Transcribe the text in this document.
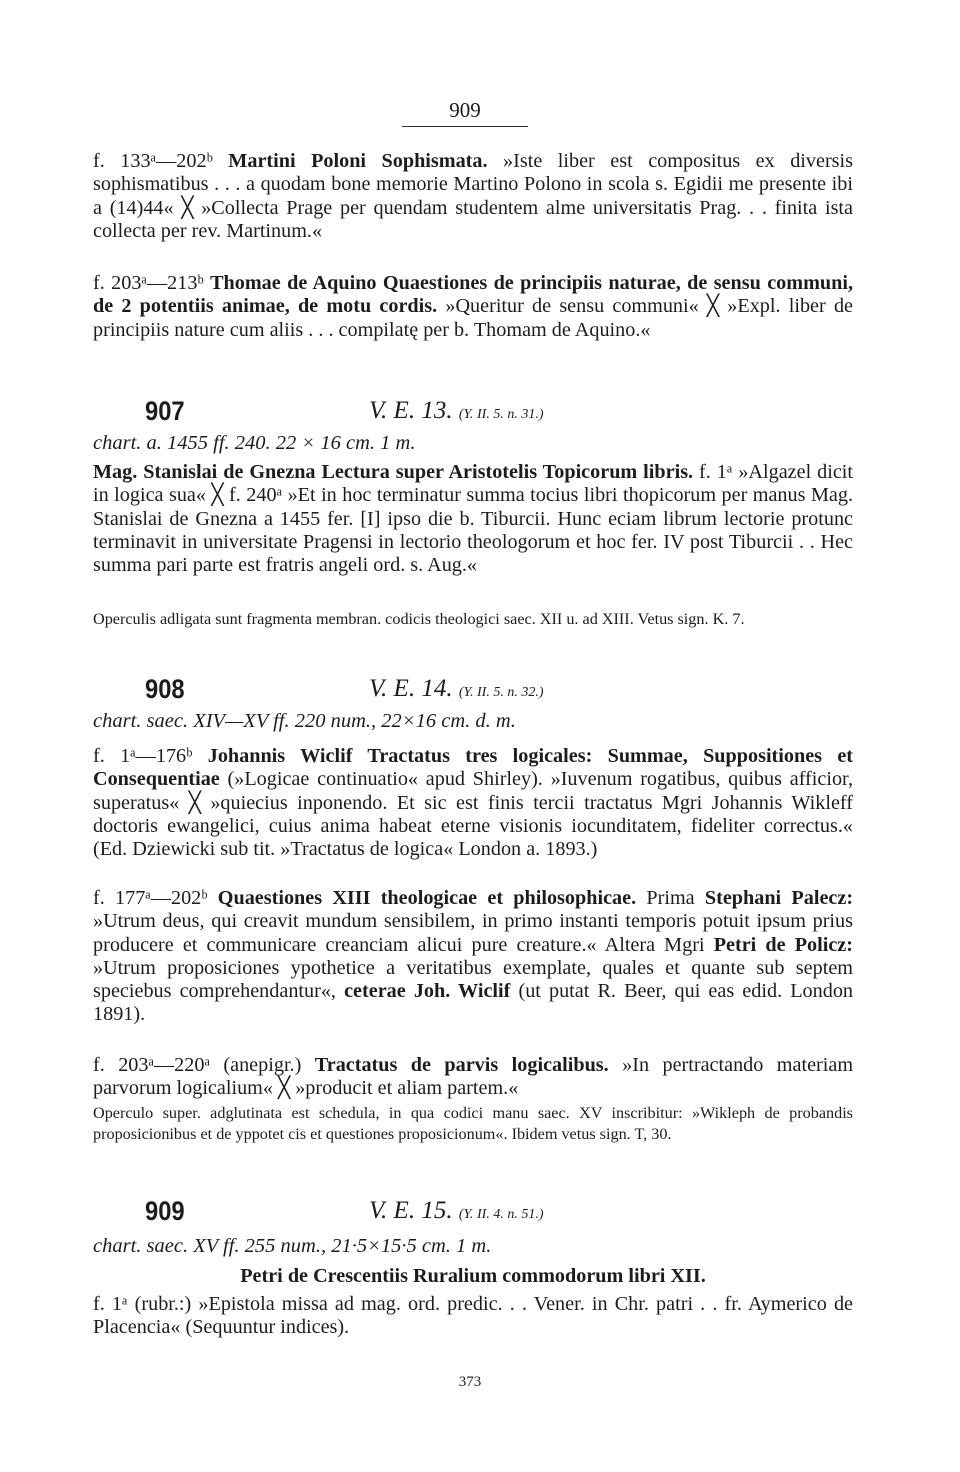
909
f. 133ᵃ—202ᵇ Martini Poloni Sophismata. »Iste liber est compositus ex diversis sophismatibus . . . a quodam bone memorie Martino Polono in scola s. Egidii me presente ibi a (14)44« ╳ »Collecta Prage per quendam studentem alme universitatis Prag. . . finita ista collecta per rev. Martinum.«
f. 203ᵃ—213ᵇ Thomae de Aquino Quaestiones de principiis naturae, de sensu communi, de 2 potentiis animae, de motu cordis. »Queritur de sensu communi« ╳ »Expl. liber de principiis nature cum aliis . . . compilatę per b. Thomam de Aquino.«
907	V. E. 13. (Y. II. 5. n. 31.)
chart. a. 1455 ff. 240. 22 × 16 cm. 1 m.
Mag. Stanislai de Gnezna Lectura super Aristotelis Topicorum libris. f. 1ᵃ »Algazel dicit in logica sua« ╳ f. 240ᵃ »Et in hoc terminatur summa tocius libri thopicorum per manus Mag. Stanislai de Gnezna a 1455 fer. [I] ipso die b. Tiburcii. Hunc eciam librum lectorie protunc terminavit in universitate Pragensi in lectorio theologorum et hoc fer. IV post Tiburcii . . Hec summa pari parte est fratris angeli ord. s. Aug.«
Operculis adligata sunt fragmenta membran. codicis theologici saec. XII u. ad XIII. Vetus sign. K. 7.
908	V. E. 14. (Y. II. 5. n. 32.)
chart. saec. XIV—XV ff. 220 num., 22×16 cm. d. m.
f. 1ᵃ—176ᵇ Johannis Wiclif Tractatus tres logicales: Summae, Suppositiones et Consequentiae (»Logicae continuatio« apud Shirley). »Iuvenum rogatibus, quibus afficior, superatus« ╳ »quiecius inponendo. Et sic est finis tercii tractatus Mgri Johannis Wikleff doctoris ewangelici, cuius anima habeat eterne visionis iocunditatem, fideliter correctus.« (Ed. Dziewicki sub tit. »Tractatus de logica« London a. 1893.)
f. 177ᵃ—202ᵇ Quaestiones XIII theologicae et philosophicae. Prima Stephani Palecz: »Utrum deus, qui creavit mundum sensibilem, in primo instanti temporis potuit ipsum prius producere et communicare creanciam alicui pure creature.« Altera Mgri Petri de Policz: »Utrum proposiciones ypothetice a veritatibus exemplate, quales et quante sub septem speciebus comprehendantur«, ceterae Joh. Wiclif (ut putat R. Beer, qui eas edid. London 1891).
f. 203ᵃ—220ᵃ (anepigr.) Tractatus de parvis logicalibus. »In pertractando materiam parvorum logicalium« ╳ »producit et aliam partem.«
Operculo super. adglutinata est schedula, in qua codici manu saec. XV inscribitur: »Wikleph de probandis proposicionibus et de yppotet cis et questiones proposicionum«. Ibidem vetus sign. T, 30.
909	V. E. 15. (Y. II. 4. n. 51.)
chart. saec. XV ff. 255 num., 21·5×15·5 cm. 1 m.
Petri de Crescentiis Ruralium commodorum libri XII.
f. 1ᵃ (rubr.:) »Epistola missa ad mag. ord. predic. . . Vener. in Chr. patri . . fr. Aymerico de Placencia« (Sequuntur indices).
373
